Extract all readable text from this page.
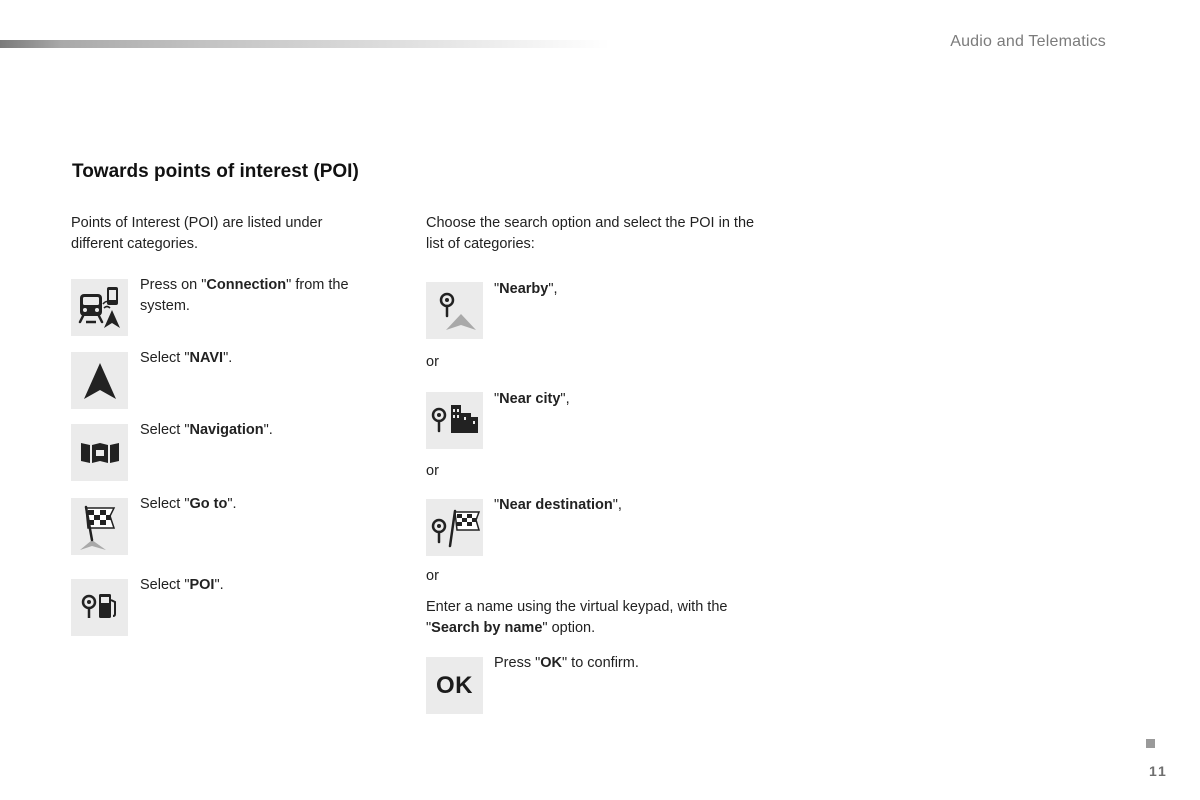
Audio and Telematics
Towards points of interest (POI)
Points of Interest (POI) are listed under different categories.
Press on "Connection" from the system.
Select "NAVI".
Select "Navigation".
Select "Go to".
Select "POI".
Choose the search option and select the POI in the list of categories:
"Nearby",
or
"Near city",
or
"Near destination",
or
Enter a name using the virtual keypad, with the "Search by name" option.
OK
Press "OK" to confirm.
11
